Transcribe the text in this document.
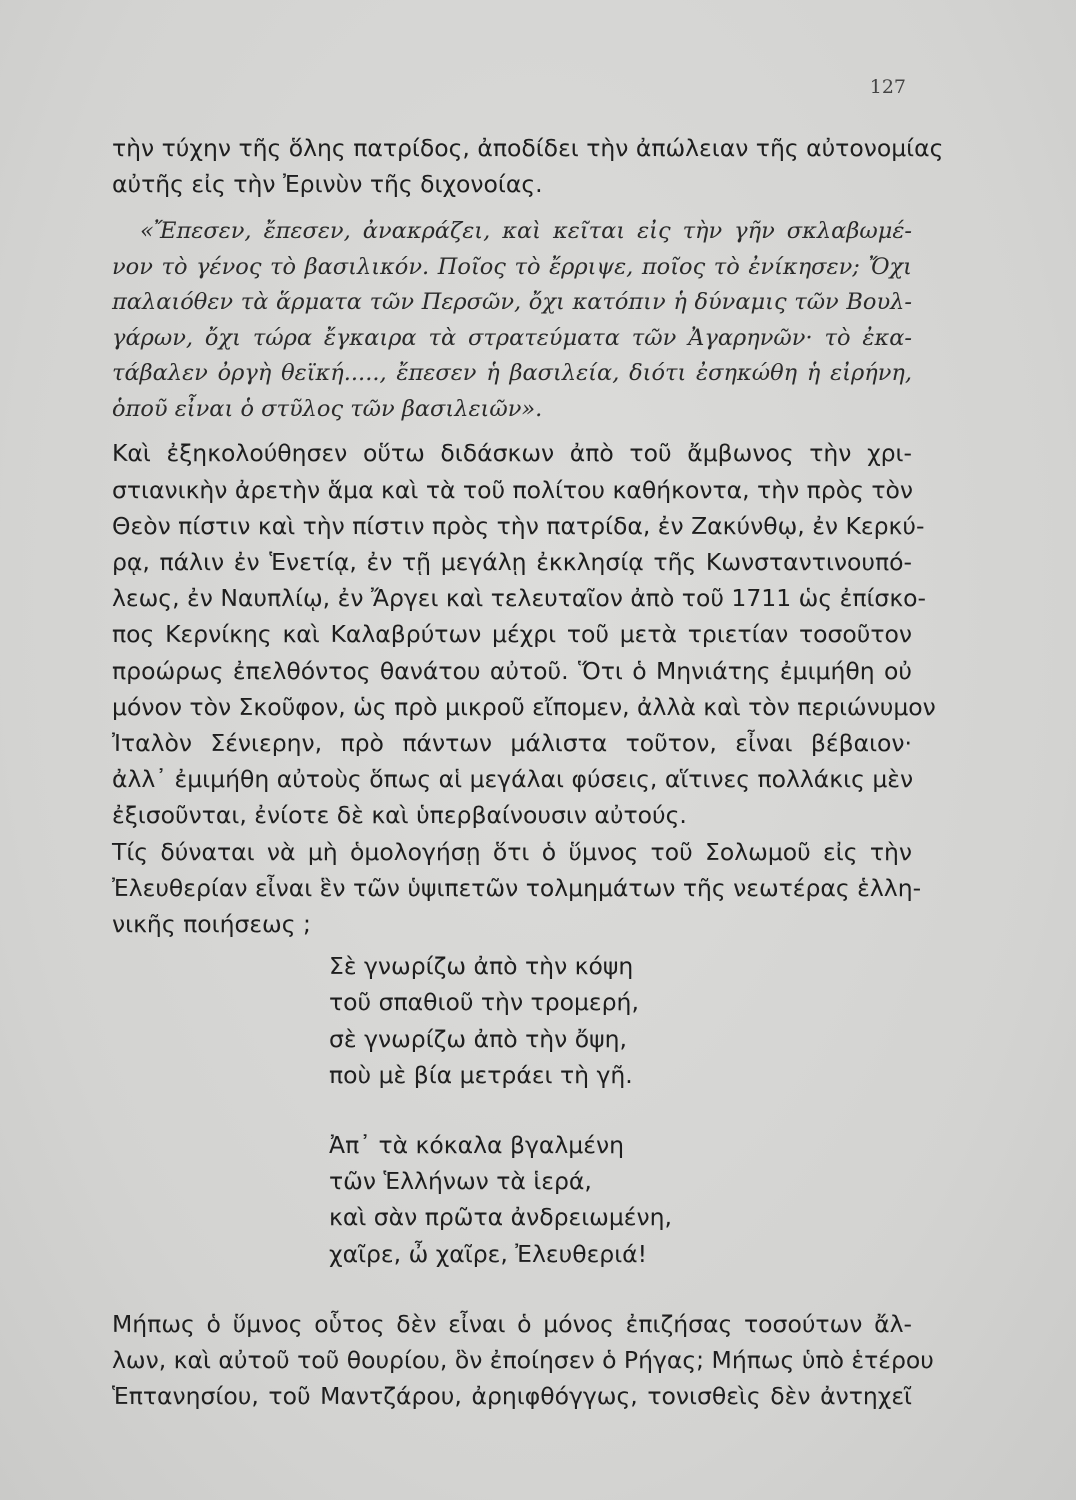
127

τὴν τύχην τῆς ὅλης πατρίδος, ἀποδίδει τὴν ἀπώλειαν τῆς αὐτονομίας
αὐτῆς εἰς τὴν Ἐρινὺν τῆς διχονοίας.

«Ἔπεσεν, ἔπεσεν, ἀνακράζει, καὶ κεῖται εἰς τὴν γῆν σκλαβωμέ-
νον τὸ γένος τὸ βασιλικόν. Ποῖος τὸ ἔρριψε, ποῖος τὸ ἐνίκησεν; Ὄχι
παλαιόθεν τὰ ἅρματα τῶν Περσῶν, ὄχι κατόπιν ἡ δύναμις τῶν Βουλ-
γάρων, ὄχι τώρα ἔγκαιρα τὰ στρατεύματα τῶν Ἀγαρηνῶν· τὸ ἐκα-
τάβαλεν ὀργὴ θεϊκή....., ἔπεσεν ἡ βασιλεία, διότι ἐσηκώθη ἡ εἰρήνη,
ὁποῦ εἶναι ὁ στῦλος τῶν βασιλειῶν».

Καὶ ἐξηκολούθησεν οὕτω διδάσκων ἀπὸ τοῦ ἄμβωνος τὴν χρι-
στιανικὴν ἀρετὴν ἅμα καὶ τὰ τοῦ πολίτου καθήκοντα, τὴν πρὸς τὸν
Θεὸν πίστιν καὶ τὴν πίστιν πρὸς τὴν πατρίδα, ἐν Ζακύνθῳ, ἐν Κερκύ-
ρᾳ, πάλιν ἐν Ἑνετίᾳ, ἐν τῇ μεγάλῃ ἐκκλησίᾳ τῆς Κωνσταντινουπό-
λεως, ἐν Ναυπλίῳ, ἐν Ἄργει καὶ τελευταῖον ἀπὸ τοῦ 1711 ὡς ἐπίσκο-
πος Κερνίκης καὶ Καλαβρύτων μέχρι τοῦ μετὰ τριετίαν τοσοῦτον
προώρως ἐπελθόντος θανάτου αὐτοῦ. Ὅτι ὁ Μηνιάτης ἐμιμήθη οὐ
μόνον τὸν Σκοῦφον, ὡς πρὸ μικροῦ εἴπομεν, ἀλλὰ καὶ τὸν περιώνυμον
Ἰταλὸν Σένιερην, πρὸ πάντων μάλιστα τοῦτον, εἶναι βέβαιον·
ἀλλ᾽ ἐμιμήθη αὐτοὺς ὅπως αἱ μεγάλαι φύσεις, αἵτινες πολλάκις μὲν
ἐξισοῦνται, ἐνίοτε δὲ καὶ ὑπερβαίνουσιν αὐτούς.

Τίς δύναται νὰ μὴ ὁμολογήσῃ ὅτι ὁ ὕμνος τοῦ Σολωμοῦ εἰς τὴν
Ἐλευθερίαν εἶναι ἓν τῶν ὑψιπετῶν τολμημάτων τῆς νεωτέρας ἑλλη-
νικῆς ποιήσεως ;

Σὲ γνωρίζω ἀπὸ τὴν κόψη
τοῦ σπαθιοῦ τὴν τρομερή,
σὲ γνωρίζω ἀπὸ τὴν ὄψη,
ποὺ μὲ βία μετράει τὴ γῆ.
Ἀπ᾽ τὰ κόκαλα βγαλμένη
τῶν Ἑλλήνων τὰ ἱερά,
καὶ σὰν πρῶτα ἀνδρειωμένη,
χαῖρε, ὦ χαῖρε, Ἐλευθεριά!

Μήπως ὁ ὕμνος οὗτος δὲν εἶναι ὁ μόνος ἐπιζήσας τοσούτων ἄλ-
λων, καὶ αὐτοῦ τοῦ θουρίου, ὃν ἐποίησεν ὁ Ρήγας; Μήπως ὑπὸ ἑτέρου
Ἑπτανησίου, τοῦ Μαντζάρου, ἀρηιφθόγγως, τονισθεὶς δὲν ἀντηχεῖ
